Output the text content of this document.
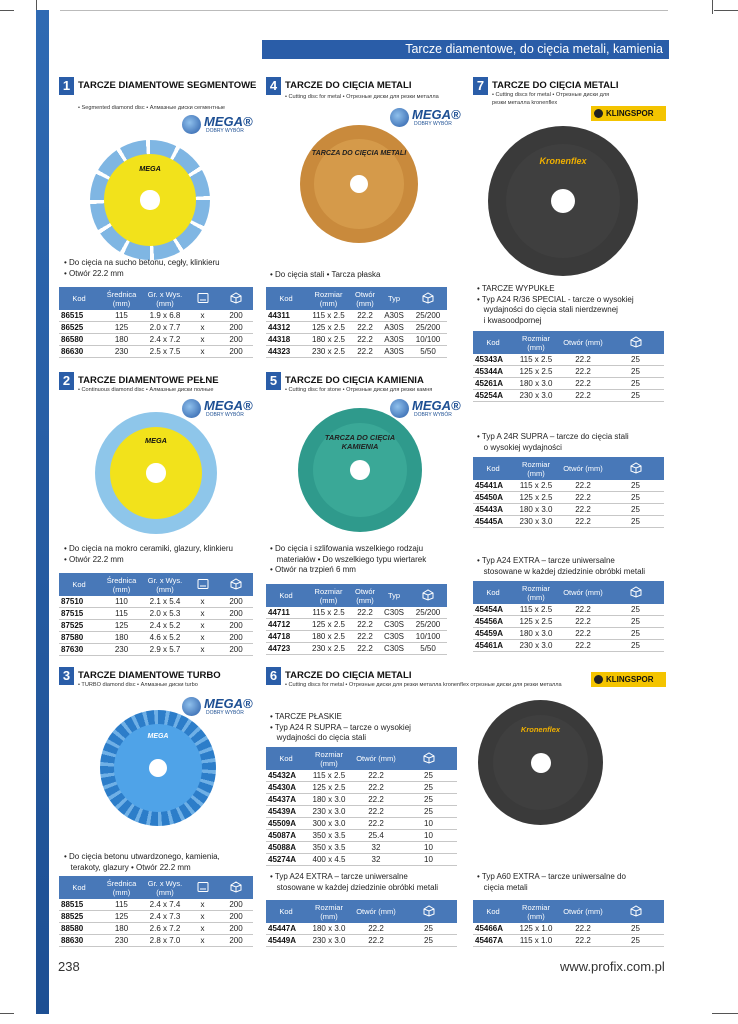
Tarcze diamentowe, do cięcia metali, kamienia
1 TARCZE DIAMENTOWE SEGMENTOWE
• Segmented diamond disc • Алмазные диски сегментные
MEGA®
DOBRY WYBÓR
MEGA
• Do cięcia na sucho betonu, cegły, klinkieru
• Otwór 22.2 mm
Kod	Średnica (mm)	Gr. x Wys. (mm)		
86515	115	1.9 x 6.8	x	200
86525	125	2.0 x 7.7	x	200
86580	180	2.4 x 7.2	x	200
86630	230	2.5 x 7.5	x	200
2 TARCZE DIAMENTOWE PEŁNE
• Continuous diamond disc • Алмазные диски полные
MEGA®
DOBRY WYBÓR
MEGA
• Do cięcia na mokro ceramiki, glazury, klinkieru
• Otwór 22.2 mm
Kod	Średnica (mm)	Gr. x Wys. (mm)		
87510	110	2.1 x 5.4	x	200
87515	115	2.0 x 5.3	x	200
87525	125	2.4 x 5.2	x	200
87580	180	4.6 x 5.2	x	200
87630	230	2.9 x 5.7	x	200
3 TARCZE DIAMENTOWE TURBO
• TURBO diamond disc • Алмазные диски turbo
MEGA®
DOBRY WYBÓR
MEGA
• Do cięcia betonu utwardzonego, kamienia,
terakoty, glazury • Otwór 22.2 mm
Kod	Średnica (mm)	Gr. x Wys. (mm)		
88515	115	2.4 x 7.4	x	200
88525	125	2.4 x 7.3	x	200
88580	180	2.6 x 7.2	x	200
88630	230	2.8 x 7.0	x	200
4 TARCZE DO CIĘCIA METALI
• Cutting disc for metal • Отрезные диски для резки металла
MEGA®
DOBRY WYBÓR
TARCZA DO CIĘCIA METALI
• Do cięcia stali • Tarcza płaska
Kod	Rozmiar (mm)	Otwór (mm)	Typ	
44311	115 x 2.5	22.2	A30S	25/200
44312	125 x 2.5	22.2	A30S	25/200
44318	180 x 2.5	22.2	A30S	10/100
44323	230 x 2.5	22.2	A30S	5/50
5 TARCZE DO CIĘCIA KAMIENIA
• Cutting disc for stone • Отрезные диски для резки камня
MEGA®
DOBRY WYBÓR
TARCZA DO CIĘCIA KAMIENIA
• Do cięcia i szlifowania wszelkiego rodzaju
materiałów • Do wszelkiego typu wiertarek
• Otwór na trzpień 6 mm
Kod	Rozmiar (mm)	Otwór (mm)	Typ	
44711	115 x 2.5	22.2	C30S	25/200
44712	125 x 2.5	22.2	C30S	25/200
44718	180 x 2.5	22.2	C30S	10/100
44723	230 x 2.5	22.2	C30S	5/50
6 TARCZE DO CIĘCIA METALI
• Cutting discs for metal • Отрезные диски для резки металла kronenflex отрезные диски для резки металла
KLINGSPOR
• TARCZE PŁASKIE
• Typ A24 R SUPRA – tarcze o wysokiej
wydajności do cięcia stali
Kod	Rozmiar (mm)	Otwór (mm)	
45432A	115 x 2.5	22.2	25
45430A	125 x 2.5	22.2	25
45437A	180 x 3.0	22.2	25
45439A	230 x 3.0	22.2	25
45509A	300 x 3.0	22.2	10
45087A	350 x 3.5	25.4	10
45088A	350 x 3.5	32	10
45274A	400 x 4.5	32	10
• Typ A24 EXTRA – tarcze uniwersalne
stosowane w każdej dziedzinie obróbki metali
Kod	Rozmiar (mm)	Otwór (mm)	
45447A	180 x 3.0	22.2	25
45449A	230 x 3.0	22.2	25
Kronenflex
7 TARCZE DO CIĘCIA METALI
• Cutting discs for metal • Отрезные диски для резки металла kronenflex
KLINGSPOR
Kronenflex
• TARCZE WYPUKŁE
• Typ A24 R/36 SPECIAL - tarcze o wysokiej
wydajności do cięcia stali nierdzewnej
i kwasoodpornej
Kod	Rozmiar (mm)	Otwór (mm)	
45343A	115 x 2.5	22.2	25
45344A	125 x 2.5	22.2	25
45261A	180 x 3.0	22.2	25
45254A	230 x 3.0	22.2	25
• Typ A 24R SUPRA – tarcze do cięcia stali
o wysokiej wydajności
Kod	Rozmiar (mm)	Otwór (mm)	
45441A	115 x 2.5	22.2	25
45450A	125 x 2.5	22.2	25
45443A	180 x 3.0	22.2	25
45445A	230 x 3.0	22.2	25
• Typ A24 EXTRA – tarcze uniwersalne
stosowane w każdej dziedzinie obróbki metali
Kod	Rozmiar (mm)	Otwór (mm)	
45454A	115 x 2.5	22.2	25
45456A	125 x 2.5	22.2	25
45459A	180 x 3.0	22.2	25
45461A	230 x 3.0	22.2	25
• Typ A60 EXTRA – tarcze uniwersalne do
cięcia metali
Kod	Rozmiar (mm)	Otwór (mm)	
45466A	125 x 1.0	22.2	25
45467A	115 x 1.0	22.2	25
238	www.profix.com.pl
